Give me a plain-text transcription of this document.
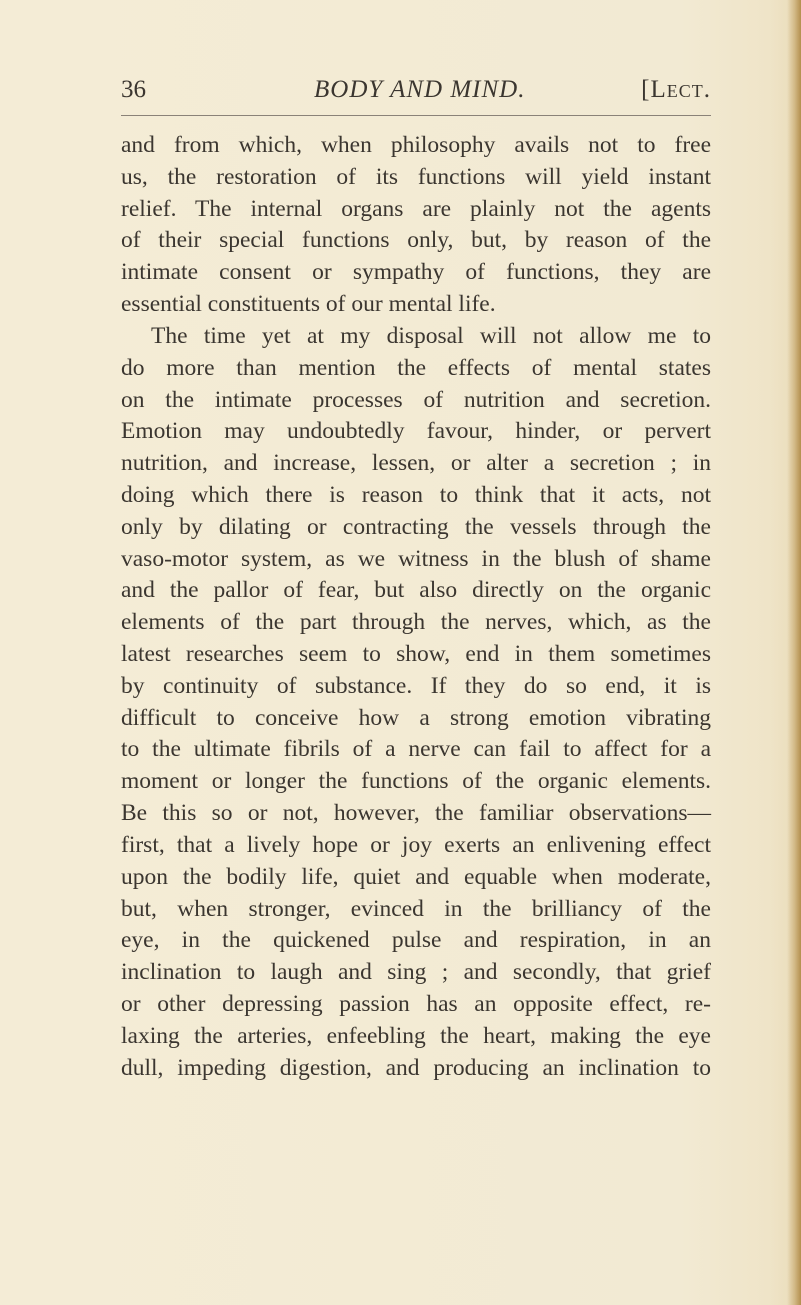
36	BODY AND MIND.	[Lect.
and from which, when philosophy avails not to free
us, the restoration of its functions will yield instant
relief. The internal organs are plainly not the agents
of their special functions only, but, by reason of the
intimate consent or sympathy of functions, they are
essential constituents of our mental life.
The time yet at my disposal will not allow me to
do more than mention the effects of mental states
on the intimate processes of nutrition and secretion.
Emotion may undoubtedly favour, hinder, or pervert
nutrition, and increase, lessen, or alter a secretion ; in
doing which there is reason to think that it acts, not
only by dilating or contracting the vessels through the
vaso-motor system, as we witness in the blush of shame
and the pallor of fear, but also directly on the organic
elements of the part through the nerves, which, as the
latest researches seem to show, end in them sometimes
by continuity of substance. If they do so end, it is
difficult to conceive how a strong emotion vibrating
to the ultimate fibrils of a nerve can fail to affect for a
moment or longer the functions of the organic elements.
Be this so or not, however, the familiar observations—
first, that a lively hope or joy exerts an enlivening effect
upon the bodily life, quiet and equable when moderate,
but, when stronger, evinced in the brilliancy of the
eye, in the quickened pulse and respiration, in an
inclination to laugh and sing ; and secondly, that grief
or other depressing passion has an opposite effect, re-
laxing the arteries, enfeebling the heart, making the eye
dull, impeding digestion, and producing an inclination to
